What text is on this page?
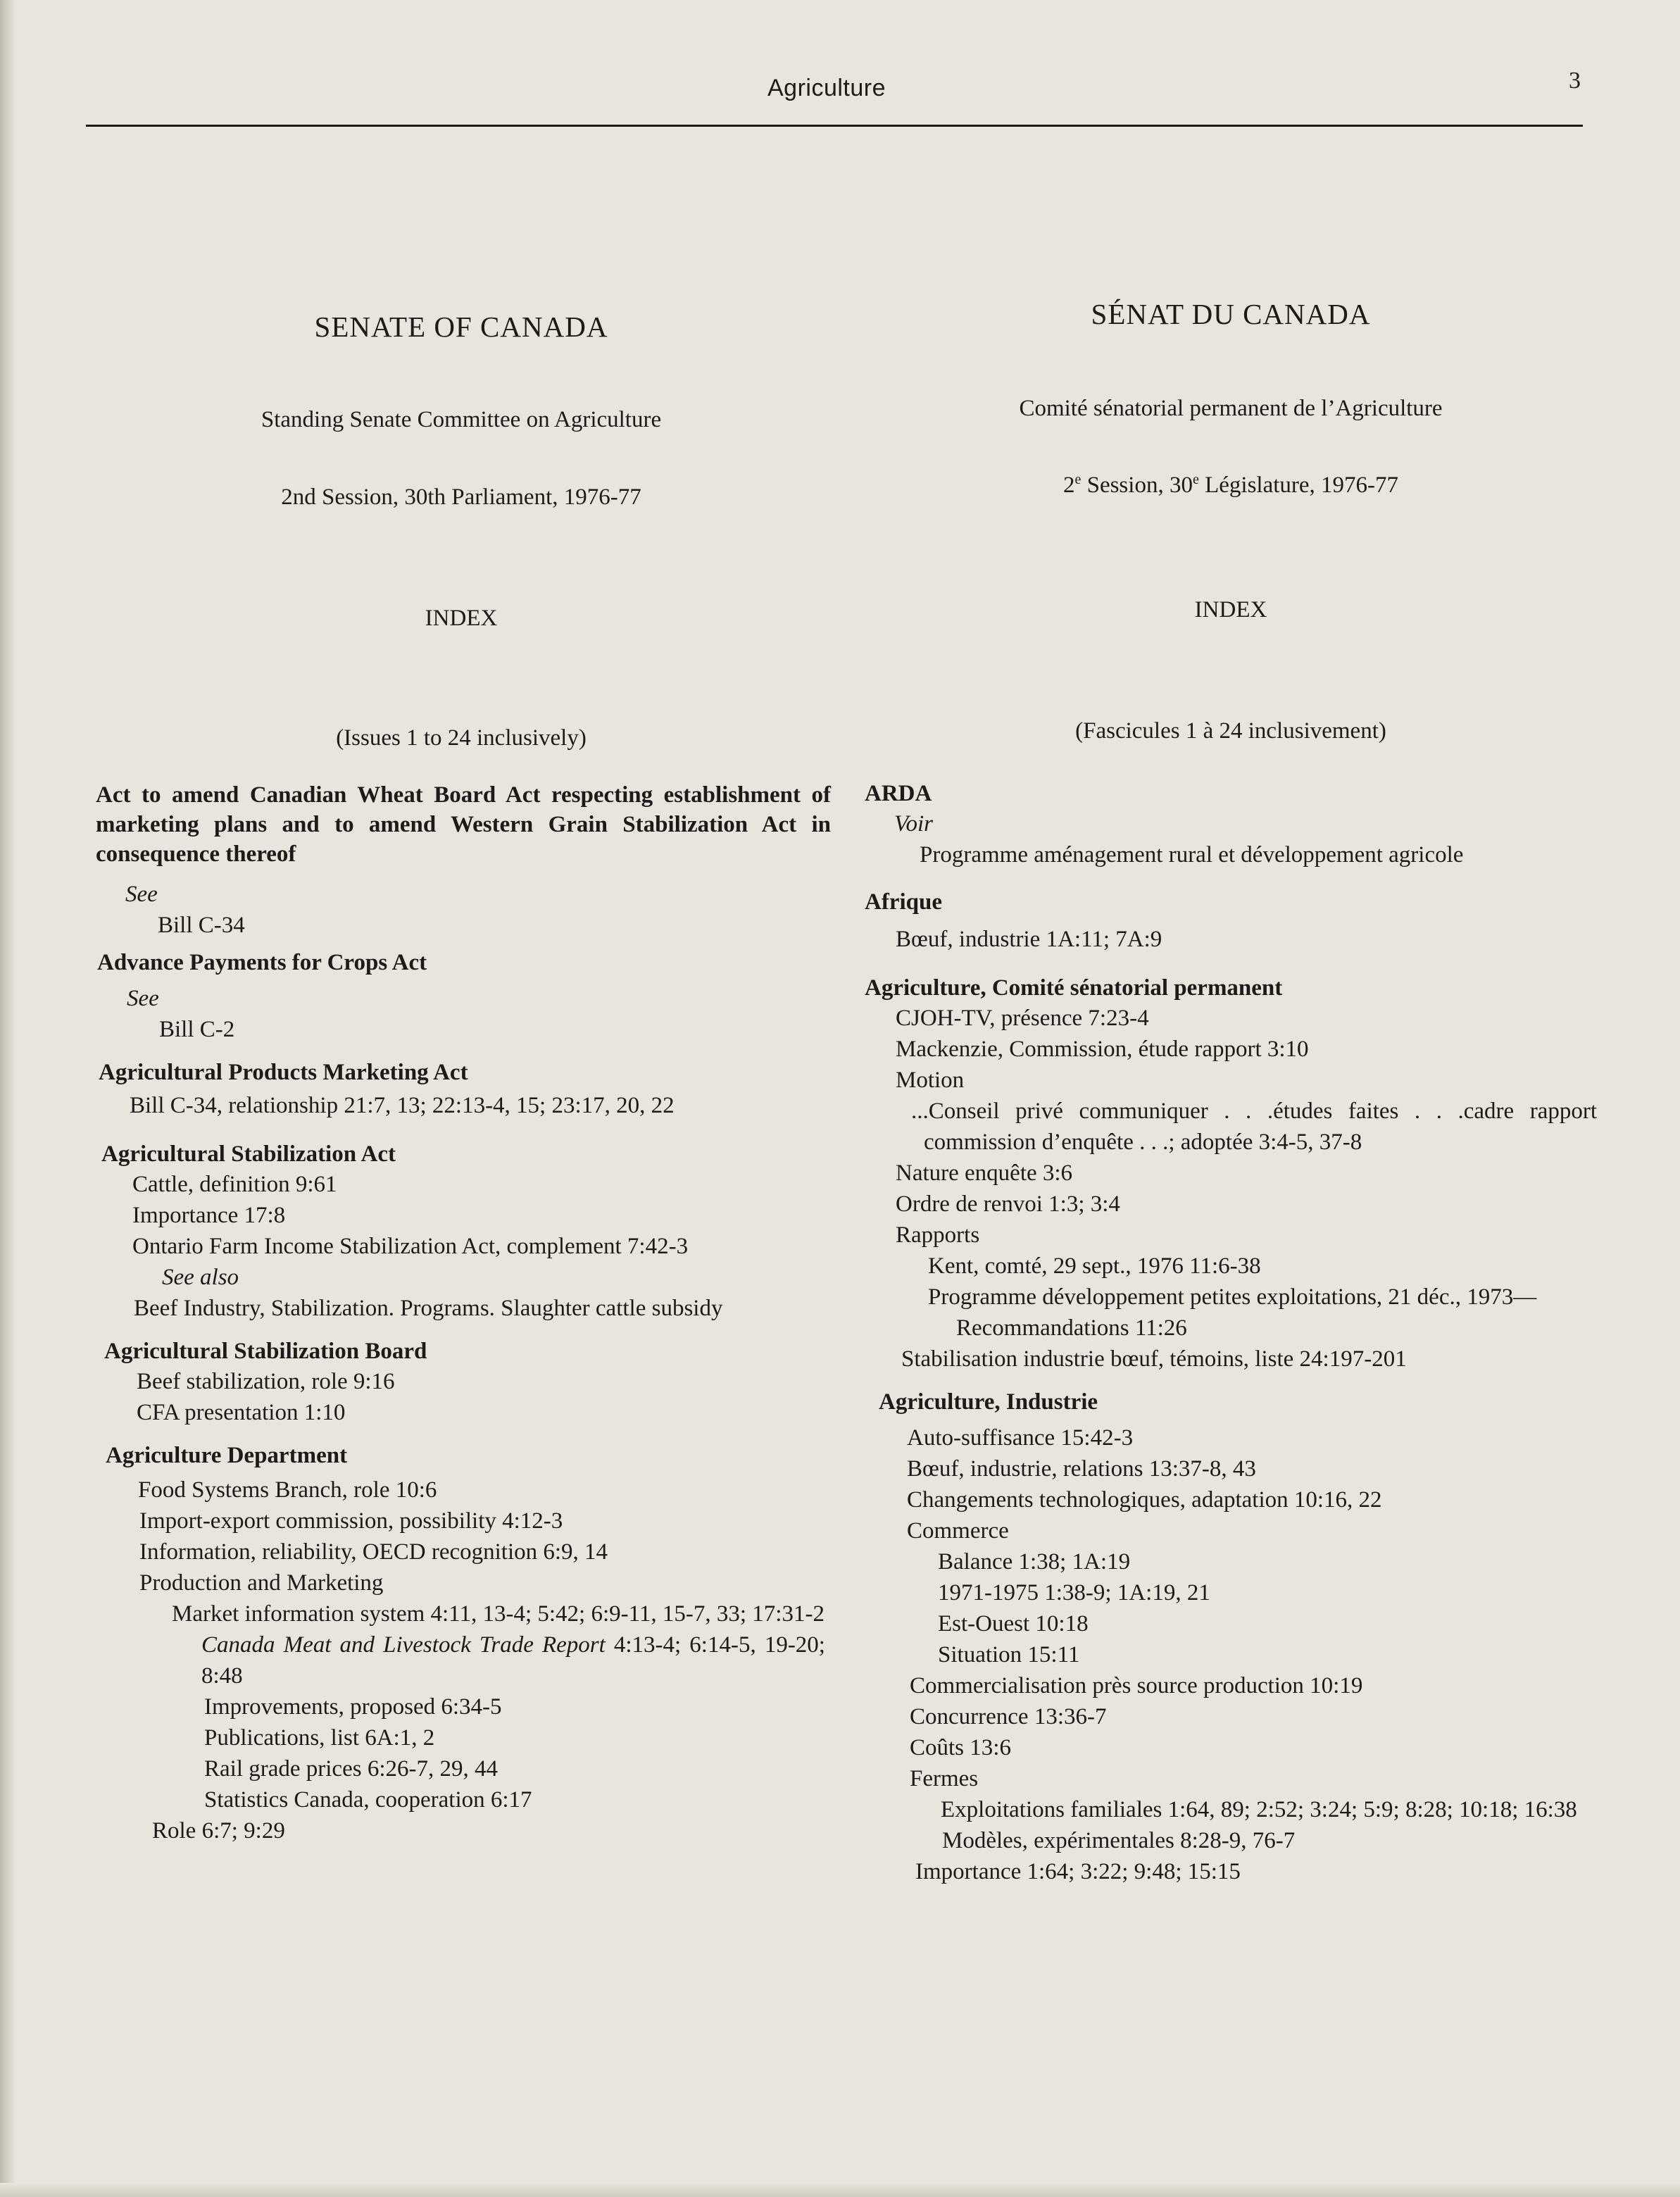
Agriculture	3
SENATE OF CANADA
Standing Senate Committee on Agriculture
2nd Session, 30th Parliament, 1976-77
INDEX
(Issues 1 to 24 inclusively)
Act to amend Canadian Wheat Board Act respecting establishment of marketing plans and to amend Western Grain Stabilization Act in consequence thereof
See
Bill C-34
Advance Payments for Crops Act
See
Bill C-2
Agricultural Products Marketing Act
Bill C-34, relationship 21:7, 13; 22:13-4, 15; 23:17, 20, 22
Agricultural Stabilization Act
Cattle, definition 9:61
Importance 17:8
Ontario Farm Income Stabilization Act, complement 7:42-3
See also
Beef Industry, Stabilization. Programs. Slaughter cattle subsidy
Agricultural Stabilization Board
Beef stabilization, role 9:16
CFA presentation 1:10
Agriculture Department
Food Systems Branch, role 10:6
Import-export commission, possibility 4:12-3
Information, reliability, OECD recognition 6:9, 14
Production and Marketing
Market information system 4:11, 13-4; 5:42; 6:9-11, 15-7, 33; 17:31-2
Canada Meat and Livestock Trade Report 4:13-4; 6:14-5, 19-20; 8:48
Improvements, proposed 6:34-5
Publications, list 6A:1, 2
Rail grade prices 6:26-7, 29, 44
Statistics Canada, cooperation 6:17
Role 6:7; 9:29
SÉNAT DU CANADA
Comité sénatorial permanent de l’Agriculture
2e Session, 30e Législature, 1976-77
INDEX
(Fascicules 1 à 24 inclusivement)
ARDA
Voir
Programme aménagement rural et développement agricole
Afrique
Bœuf, industrie 1A:11; 7A:9
Agriculture, Comité sénatorial permanent
CJOH-TV, présence 7:23-4
Mackenzie, Commission, étude rapport 3:10
Motion
...Conseil privé communiquer . . .études faites . . .cadre rapport commission d’enquête . . .; adoptée 3:4-5, 37-8
Nature enquête 3:6
Ordre de renvoi 1:3; 3:4
Rapports
Kent, comté, 29 sept., 1976 11:6-38
Programme développement petites exploitations, 21 déc., 1973—Recommandations 11:26
Stabilisation industrie bœuf, témoins, liste 24:197-201
Agriculture, Industrie
Auto-suffisance 15:42-3
Bœuf, industrie, relations 13:37-8, 43
Changements technologiques, adaptation 10:16, 22
Commerce
Balance 1:38; 1A:19
1971-1975 1:38-9; 1A:19, 21
Est-Ouest 10:18
Situation 15:11
Commercialisation près source production 10:19
Concurrence 13:36-7
Coûts 13:6
Fermes
Exploitations familiales 1:64, 89; 2:52; 3:24; 5:9; 8:28; 10:18; 16:38
Modèles, expérimentales 8:28-9, 76-7
Importance 1:64; 3:22; 9:48; 15:15
